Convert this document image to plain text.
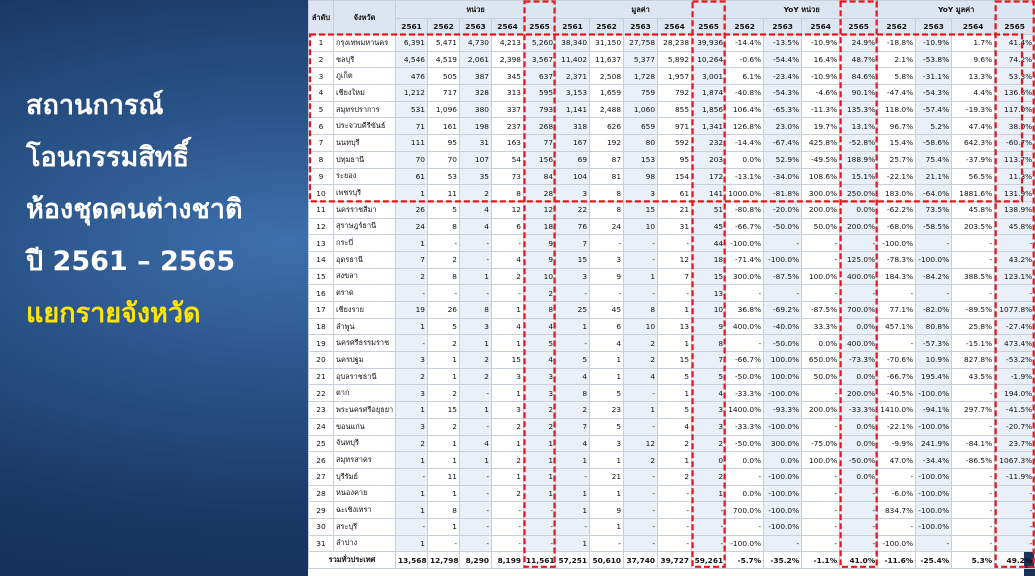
สถานการณ์
โอนกรรมสิทธิ์
ห้องชุดคนต่างชาติ
ปี 2561 – 2565
แยกรายจังหวัด
ลำดับ	จังหวัด	หน่วย					มูลค่า					YoY หน่วย				YoY มูลค่า			
		2561	2562	2563	2564	2565	2561	2562	2563	2564	2565	2562	2563	2564	2565	2562	2563	2564	2565
1	กรุงเทพมหานคร	6,391	5,471	4,730	4,213	5,260	38,340	31,150	27,758	28,238	39,936	-14.4%	-13.5%	-10.9%	24.9%	-18.8%	-10.9%	1.7%	41.4%
2	ชลบุรี	4,546	4,519	2,061	2,398	3,567	11,402	11,637	5,377	5,892	10,264	-0.6%	-54.4%	16.4%	48.7%	2.1%	-53.8%	9.6%	74.2%
3	ภูเก็ต	476	505	387	345	637	2,371	2,508	1,728	1,957	3,001	6.1%	-23.4%	-10.9%	84.6%	5.8%	-31.1%	13.3%	53.3%
4	เชียงใหม่	1,212	717	328	313	595	3,153	1,659	759	792	1,874	-40.8%	-54.3%	-4.6%	90.1%	-47.4%	-54.3%	4.4%	136.6%
5	สมุทรปราการ	531	1,096	380	337	793	1,141	2,488	1,060	855	1,856	106.4%	-65.3%	-11.3%	135.3%	118.0%	-57.4%	-19.3%	117.0%
6	ประจวบคีรีขันธ์	71	161	198	237	268	318	626	659	971	1,341	126.8%	23.0%	19.7%	13.1%	96.7%	5.2%	47.4%	38.0%
7	นนทบุรี	111	95	31	163	77	167	192	80	592	232	-14.4%	-67.4%	425.8%	-52.8%	15.4%	-58.6%	642.3%	-60.7%
8	ปทุมธานี	70	70	107	54	156	69	87	153	95	203	0.0%	52.9%	-49.5%	188.9%	25.7%	75.4%	-37.9%	113.7%
9	ระยอง	61	53	35	73	84	104	81	98	154	172	-13.1%	-34.0%	108.6%	15.1%	-22.1%	21.1%	56.5%	11.3%
10	เพชรบุรี	1	11	2	8	28	3	8	3	61	141	1000.0%	-81.8%	300.0%	250.0%	183.0%	-64.0%	1881.6%	131.9%
11	นครราชสีมา	26	5	4	12	12	22	8	15	21	51	-80.8%	-20.0%	200.0%	0.0%	-62.2%	73.5%	45.8%	138.9%
12	สุราษฎร์ธานี	24	8	4	6	18	76	24	10	31	45	-66.7%	-50.0%	50.0%	200.0%	-68.0%	-58.5%	203.5%	45.8%
13	กระบี่	1	-	-	-	9	7	-	-	-	44	-100.0%	-	-	-	-100.0%	-	-	-
14	อุดรธานี	7	2	-	4	9	15	3	-	12	18	-71.4%	-100.0%	-	125.0%	-78.3%	-100.0%	-	43.2%
15	สงขลา	2	8	1	2	10	3	9	1	7	15	300.0%	-87.5%	100.0%	400.0%	184.3%	-84.2%	388.5%	123.1%
16	ตราด	-	-	-	-	2	-	-	-	-	13	-	-	-	-	-	-	-	-
17	เชียงราย	19	26	8	1	8	25	45	8	1	10	36.8%	-69.2%	-87.5%	700.0%	77.1%	-82.0%	-89.5%	1077.8%
18	ลำพูน	1	5	3	4	4	1	6	10	13	9	400.0%	-40.0%	33.3%	0.0%	457.1%	80.8%	25.8%	-27.4%
19	นครศรีธรรมราช	-	2	1	1	5	-	4	2	1	8	-	-50.0%	0.0%	400.0%	-	-57.3%	-15.1%	473.4%
20	นครปฐม	3	1	2	15	4	5	1	2	15	7	-66.7%	100.0%	650.0%	-73.3%	-70.6%	10.9%	827.8%	-53.2%
21	อุบลราชธานี	2	1	2	3	3	4	1	4	5	5	-50.0%	100.0%	50.0%	0.0%	-66.7%	195.4%	43.5%	-1.9%
22	ตาก	3	2	-	1	3	8	5	-	1	4	-33.3%	-100.0%	-	200.0%	-40.5%	-100.0%	-	194.0%
23	พระนครศรีอยุธยา	1	15	1	3	2	2	23	1	5	3	1400.0%	-93.3%	200.0%	-33.3%	1410.0%	-94.1%	297.7%	-41.5%
24	ขอนแก่น	3	2	-	2	2	7	5	-	4	3	-33.3%	-100.0%	-	0.0%	-22.1%	-100.0%	-	-20.7%
25	จันทบุรี	2	1	4	1	1	4	3	12	2	2	-50.0%	300.0%	-75.0%	0.0%	-9.9%	241.9%	-84.1%	23.7%
26	สมุทรสาคร	1	1	1	2	1	1	1	2	1	0	0.0%	0.0%	100.0%	-50.0%	47.0%	-34.4%	-86.5%	1067.3%
27	บุรีรัมย์	-	11	-	1	1	-	21	-	2	2	-	-100.0%	-	0.0%	-	-100.0%	-	-11.9%
28	หนองคาย	1	1	-	2	1	1	1	-	-	1	0.0%	-100.0%	-	-	-6.0%	-100.0%	-	-
29	ฉะเชิงเทรา	1	8	-	-	-	1	9	-	-	-	700.0%	-100.0%	-	-	834.7%	-100.0%	-	-
30	สระบุรี	-	1	-	-	-	-	1	-	-	-	-	-100.0%	-	-	-	-100.0%	-	-
31	ลำปาง	1	-	-	-	-	1	-	-	-	-	-100.0%	-	-	-	-100.0%	-	-	-
รวมทั่วประเทศ		13,568	12,798	8,290	8,199	11,561	57,251	50,610	37,740	39,727	59,261	-5.7%	-35.2%	-1.1%	41.0%	-11.6%	-25.4%	5.3%	49.2%
